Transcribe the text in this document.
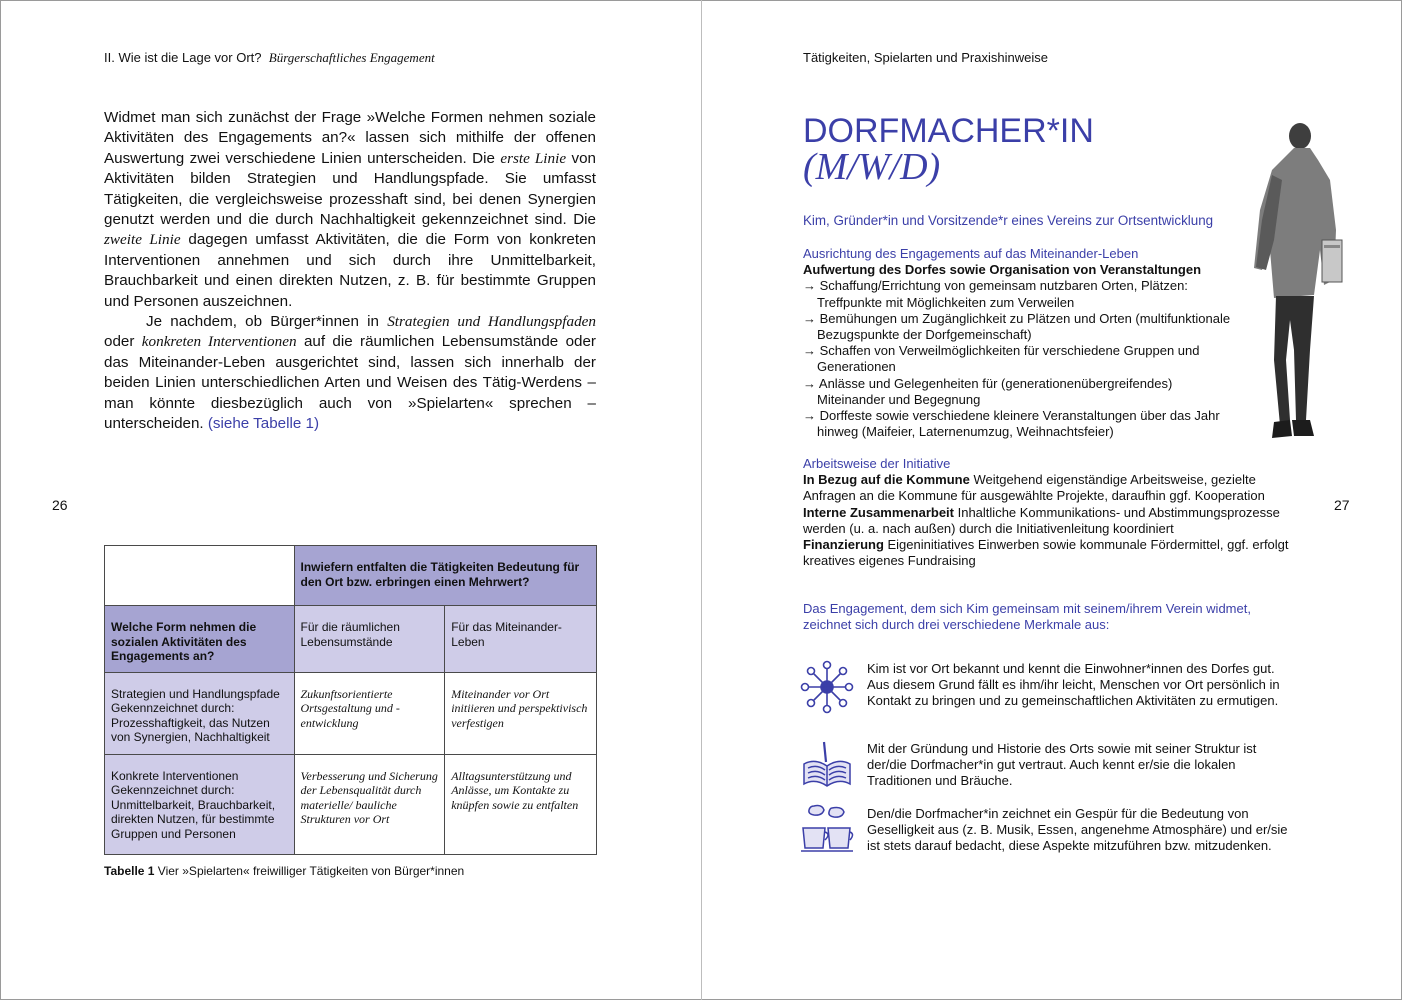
II. Wie ist die Lage vor Ort? Bürgerschaftliches Engagement

Widmet man sich zunächst der Frage »Welche Formen nehmen soziale Aktivitäten des Engagements an?« lassen sich mithilfe der offenen Auswertung zwei verschiedene Linien unterscheiden. Die erste Linie von Aktivitäten bilden Strategien und Handlungspfade. Sie umfasst Tätigkeiten, die vergleichsweise prozesshaft sind, bei denen Synergien genutzt werden und die durch Nachhaltigkeit gekennzeichnet sind. Die zweite Linie dagegen umfasst Aktivitäten, die die Form von konkreten Interventionen annehmen und sich durch ihre Unmittelbarkeit, Brauchbarkeit und einen direkten Nutzen, z. B. für bestimmte Gruppen und Personen auszeichnen.

Je nachdem, ob Bürger*innen in Strategien und Handlungspfaden oder konkreten Interventionen auf die räumlichen Lebensumstände oder das Miteinander-Leben ausgerichtet sind, lassen sich innerhalb der beiden Linien unterschiedlichen Arten und Weisen des Tätig-Werdens – man könnte diesbezüglich auch von »Spielarten« sprechen – unterscheiden. (siehe Tabelle 1)

26
	Inwiefern entfalten die Tätigkeiten Bedeutung für den Ort bzw. erbringen einen Mehrwert?	
Welche Form nehmen die sozialen Aktivitäten des Engagements an?	Für die räumlichen Lebensumstände	Für das Miteinander-Leben
Strategien und Handlungspfade Gekennzeichnet durch: Prozesshaftigkeit, das Nutzen von Synergien, Nachhaltigkeit	Zukunftsorientierte Ortsgestaltung und -entwicklung	Miteinander vor Ort initiieren und perspektivisch verfestigen
Konkrete Interventionen Gekennzeichnet durch: Unmittelbarkeit, Brauchbarkeit, direkten Nutzen, für bestimmte Gruppen und Personen	Verbesserung und Sicherung der Lebensqualität durch materielle/ bauliche Strukturen vor Ort	Alltagsunterstützung und Anlässe, um Kontakte zu knüpfen sowie zu entfalten
Tabelle 1 Vier »Spielarten« freiwilliger Tätigkeiten von Bürger*innen
Tätigkeiten, Spielarten und Praxishinweise
27
DORFMACHER*IN
(M/W/D)
Kim, Gründer*in und Vorsitzende*r eines Vereins zur Ortsentwicklung
Ausrichtung des Engagements auf das Miteinander-Leben
Aufwertung des Dorfes sowie Organisation von Veranstaltungen
→ Schaffung/Errichtung von gemeinsam nutzbaren Orten, Plätzen: Treffpunkte mit Möglichkeiten zum Verweilen
→ Bemühungen um Zugänglichkeit zu Plätzen und Orten (multifunktionale Bezugspunkte der Dorfgemeinschaft)
→ Schaffen von Verweilmöglichkeiten für verschiedene Gruppen und Generationen
→ Anlässe und Gelegenheiten für (generationenübergreifendes) Miteinander und Begegnung
→ Dorffeste sowie verschiedene kleinere Veranstaltungen über das Jahr hinweg (Maifeier, Laternenumzug, Weihnachtsfeier)
Arbeitsweise der Initiative
In Bezug auf die Kommune Weitgehend eigenständige Arbeitsweise, gezielte Anfragen an die Kommune für ausgewählte Projekte, daraufhin ggf. Kooperation
Interne Zusammenarbeit Inhaltliche Kommunikations- und Abstimmungsprozesse werden (u. a. nach außen) durch die Initiativenleitung koordiniert
Finanzierung Eigeninitiatives Einwerben sowie kommunale Fördermittel, ggf. erfolgt kreatives eigenes Fundraising
Das Engagement, dem sich Kim gemeinsam mit seinem/ihrem Verein widmet, zeichnet sich durch drei verschiedene Merkmale aus:
Kim ist vor Ort bekannt und kennt die Einwohner*innen des Dorfes gut. Aus diesem Grund fällt es ihm/ihr leicht, Menschen vor Ort persönlich in Kontakt zu bringen und zu gemeinschaftlichen Aktivitäten zu ermutigen.
Mit der Gründung und Historie des Orts sowie mit seiner Struktur ist der/die Dorfmacher*in gut vertraut. Auch kennt er/sie die lokalen Traditionen und Bräuche.
Den/die Dorfmacher*in zeichnet ein Gespür für die Bedeutung von Geselligkeit aus (z. B. Musik, Essen, angenehme Atmosphäre) und er/sie ist stets darauf bedacht, diese Aspekte mitzuführen bzw. mitzudenken.
